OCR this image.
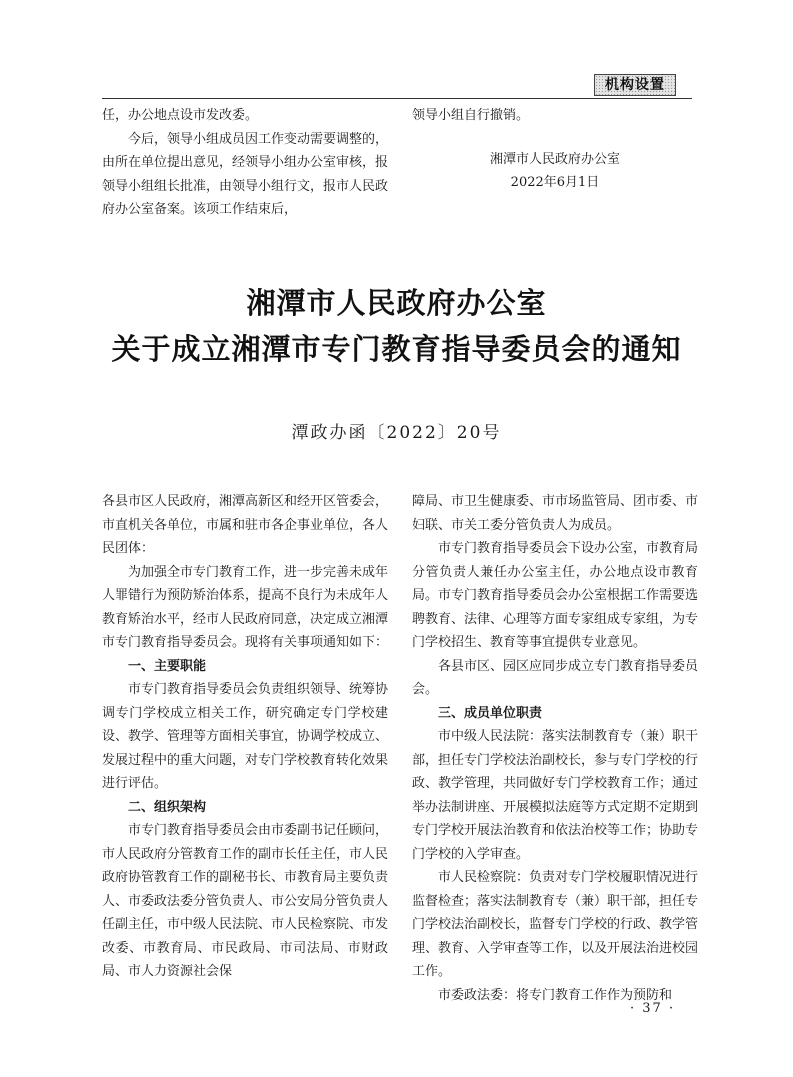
机构设置

任，办公地点设市发改委。

今后，领导小组成员因工作变动需要调整的，由所在单位提出意见，经领导小组办公室审核，报领导小组组长批准，由领导小组行文，报市人民政府办公室备案。该项工作结束后，

领导小组自行撤销。

湘潭市人民政府办公室

2022年6月1日

湘潭市人民政府办公室
关于成立湘潭市专门教育指导委员会的通知
潭政办函〔2022〕20号

各县市区人民政府，湘潭高新区和经开区管委会，市直机关各单位，市属和驻市各企事业单位，各人民团体：

为加强全市专门教育工作，进一步完善未成年人罪错行为预防矫治体系，提高不良行为未成年人教育矫治水平，经市人民政府同意，决定成立湘潭市专门教育指导委员会。现将有关事项通知如下：

一、主要职能

市专门教育指导委员会负责组织领导、统筹协调专门学校成立相关工作，研究确定专门学校建设、教学、管理等方面相关事宜，协调学校成立、发展过程中的重大问题，对专门学校教育转化效果进行评估。

二、组织架构

市专门教育指导委员会由市委副书记任顾问，市人民政府分管教育工作的副市长任主任，市人民政府协管教育工作的副秘书长、市教育局主要负责人、市委政法委分管负责人、市公安局分管负责人任副主任，市中级人民法院、市人民检察院、市发改委、市教育局、市民政局、市司法局、市财政局、市人力资源社会保

障局、市卫生健康委、市市场监管局、团市委、市妇联、市关工委分管负责人为成员。

市专门教育指导委员会下设办公室，市教育局分管负责人兼任办公室主任，办公地点设市教育局。市专门教育指导委员会办公室根据工作需要选聘教育、法律、心理等方面专家组成专家组，为专门学校招生、教育等事宜提供专业意见。

各县市区、园区应同步成立专门教育指导委员会。

三、成员单位职责

市中级人民法院：落实法制教育专（兼）职干部，担任专门学校法治副校长，参与专门学校的行政、教学管理，共同做好专门学校教育工作；通过举办法制讲座、开展模拟法庭等方式定期不定期到专门学校开展法治教育和依法治校等工作；协助专门学校的入学审查。

市人民检察院：负责对专门学校履职情况进行监督检查；落实法制教育专（兼）职干部，担任专门学校法治副校长，监督专门学校的行政、教学管理、教育、入学审查等工作，以及开展法治进校园工作。

市委政法委：将专门教育工作作为预防和

· 37 ·
